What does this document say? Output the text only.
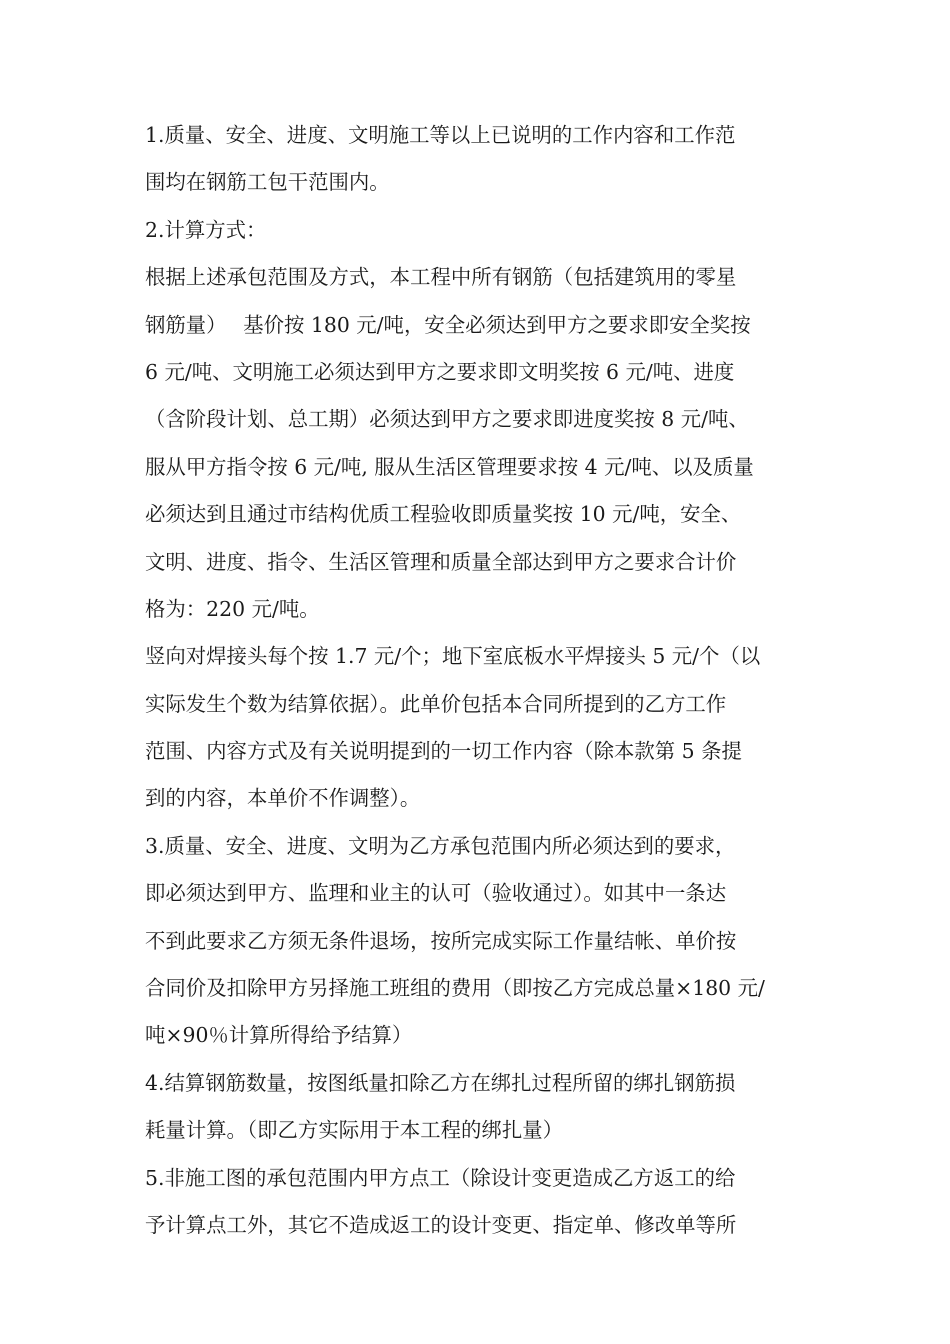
1.质量、安全、进度、文明施工等以上已说明的工作内容和工作范
围均在钢筋工包干范围内。
2.计算方式：
根据上述承包范围及方式，本工程中所有钢筋（包括建筑用的零星
钢筋量）　 基价按 180 元/吨，安全必须达到甲方之要求即安全奖按
6 元/吨、文明施工必须达到甲方之要求即文明奖按 6 元/吨、进度
（含阶段计划、总工期）必须达到甲方之要求即进度奖按 8 元/吨、
服从甲方指令按 6 元/吨, 服从生活区管理要求按 4 元/吨、以及质量
必须达到且通过市结构优质工程验收即质量奖按 10 元/吨，安全、
文明、进度、指令、生活区管理和质量全部达到甲方之要求合计价
格为：220 元/吨。
竖向对焊接头每个按 1.7 元/个；地下室底板水平焊接头 5 元/个（以
实际发生个数为结算依据）。此单价包括本合同所提到的乙方工作
范围、内容方式及有关说明提到的一切工作内容（除本款第 5 条提
到的内容，本单价不作调整）。
3.质量、安全、进度、文明为乙方承包范围内所必须达到的要求，
即必须达到甲方、监理和业主的认可（验收通过）。如其中一条达
不到此要求乙方须无条件退场，按所完成实际工作量结帐、单价按
合同价及扣除甲方另择施工班组的费用（即按乙方完成总量×180 元/
吨×90％计算所得给予结算）
4.结算钢筋数量，按图纸量扣除乙方在绑扎过程所留的绑扎钢筋损
耗量计算。（即乙方实际用于本工程的绑扎量）
5.非施工图的承包范围内甲方点工（除设计变更造成乙方返工的给
予计算点工外，其它不造成返工的设计变更、指定单、修改单等所
